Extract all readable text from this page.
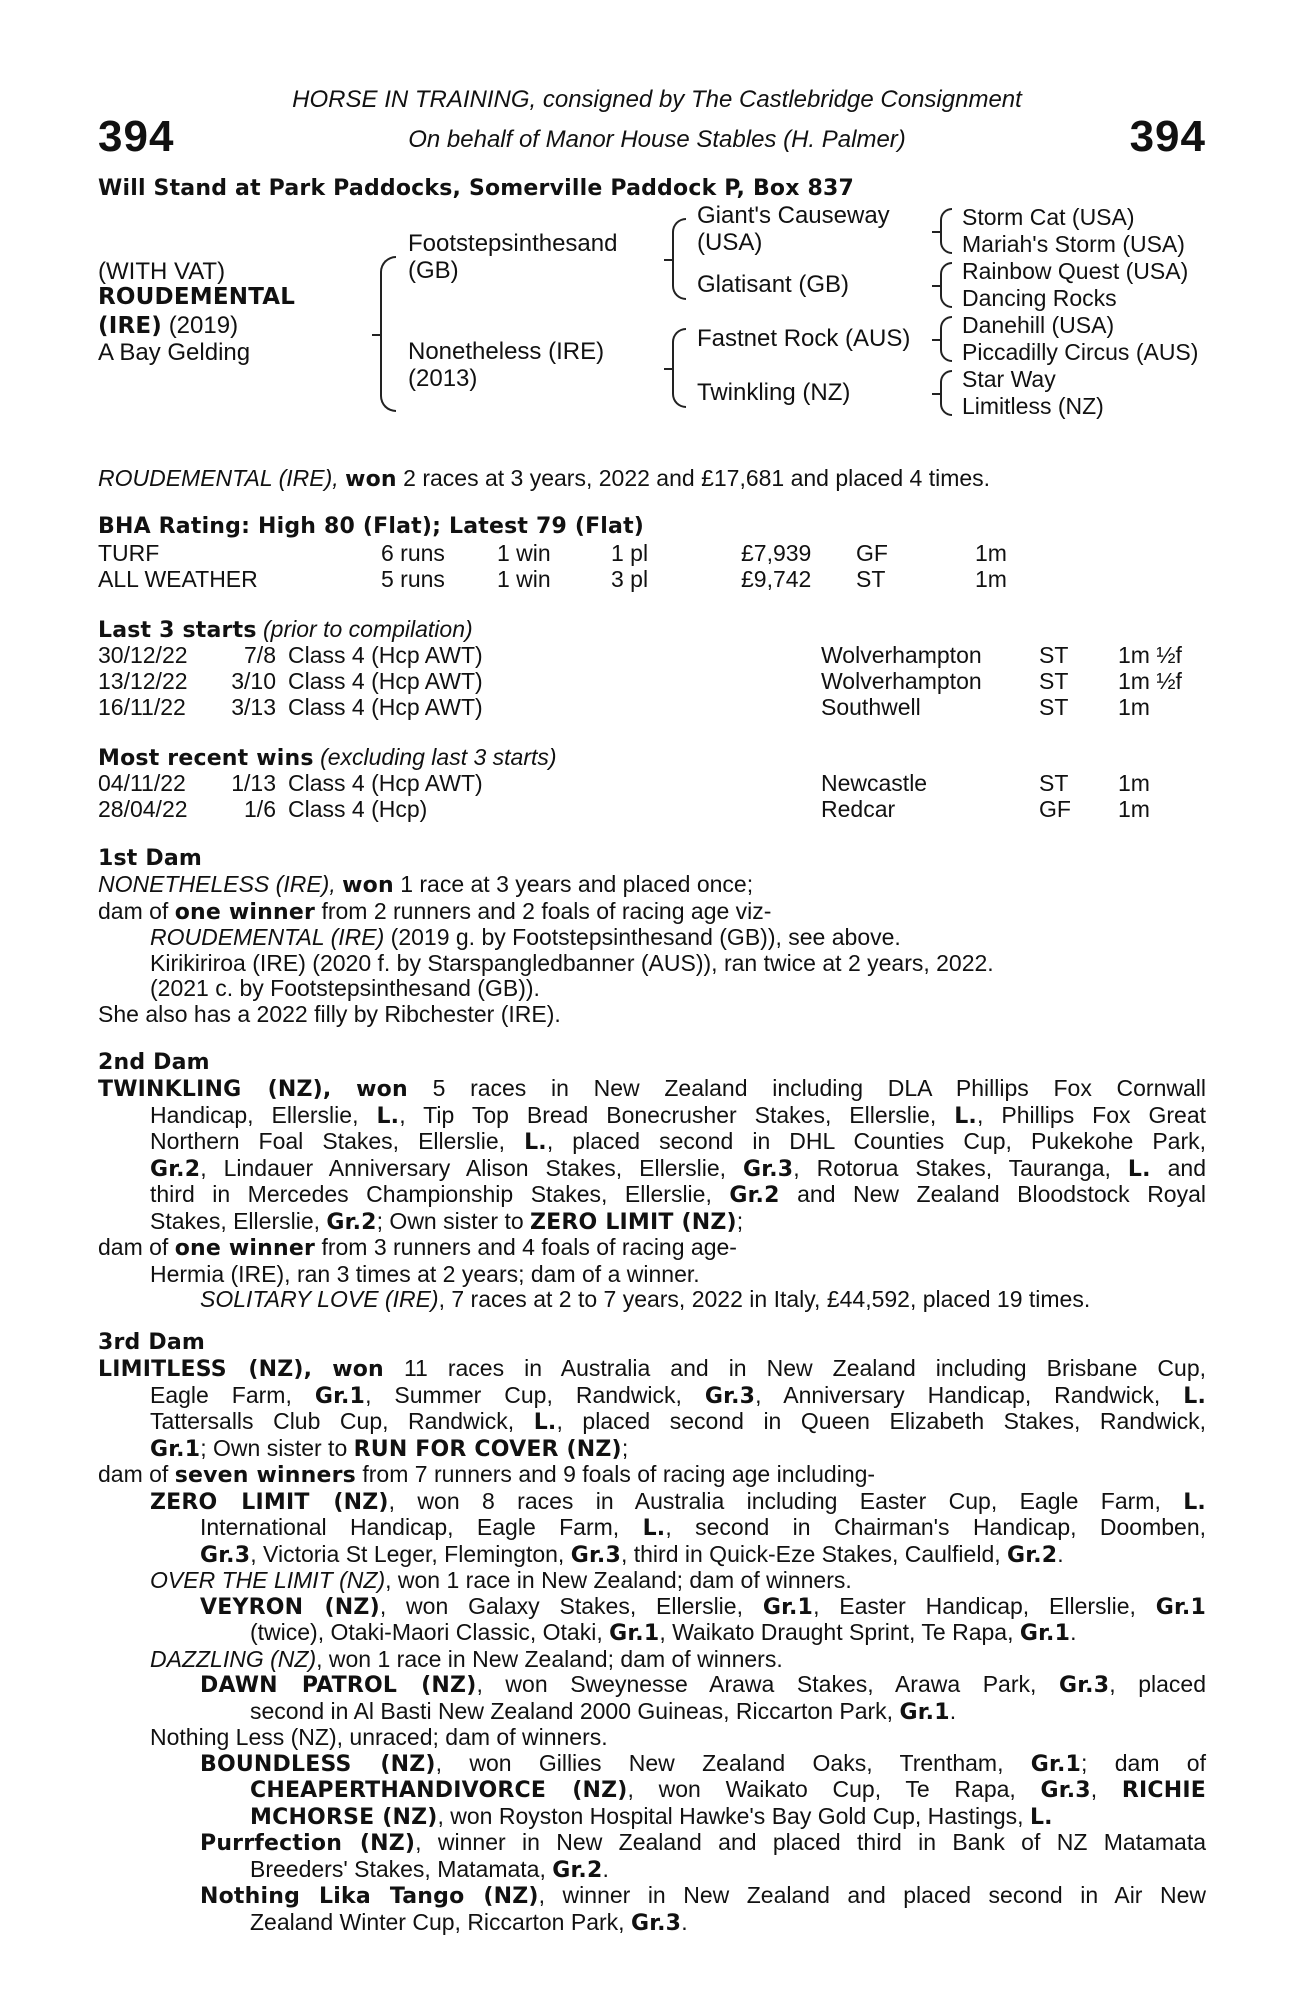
394	394
HORSE IN TRAINING, consigned by The Castlebridge Consignment
On behalf of Manor House Stables (H. Palmer)
Will Stand at Park Paddocks, Somerville Paddock P, Box 837
(WITH VAT)
ROUDEMENTAL
(IRE) (2019)
A Bay Gelding
Footstepsinthesand (GB)
Nonetheless (IRE) (2013)
Giant's Causeway (USA)
Glatisant (GB)
Fastnet Rock (AUS)
Twinkling (NZ)

Storm Cat (USA)

Mariah's Storm (USA)

Rainbow Quest (USA)

Dancing Rocks

Danehill (USA)

Piccadilly Circus (AUS)

Star Way

Limitless (NZ)

ROUDEMENTAL (IRE), won 2 races at 3 years, 2022 and £17,681 and placed 4 times.
BHA Rating: High 80 (Flat); Latest 79 (Flat)
TURF	6 runs 1 win	1 pl	£7,939 GF	1m
ALL WEATHER	5 runs 1 win	3 pl	£9,742 ST	1m
Last 3 starts (prior to compilation)
30/12/22	7/8 Class 4 (Hcp AWT)	Wolverhampton ST 1m ½f
13/12/22	3/10 Class 4 (Hcp AWT)	Wolverhampton ST 1m ½f
16/11/22	3/13 Class 4 (Hcp AWT)	Southwell	ST 1m
Most recent wins (excluding last 3 starts)
04/11/22	1/13 Class 4 (Hcp AWT)	Newcastle	ST 1m
28/04/22	1/6 Class 4 (Hcp)	Redcar	GF 1m
1st Dam

NONETHELESS (IRE), won 1 race at 3 years and placed once;

dam of one winner from 2 runners and 2 foals of racing age viz-

ROUDEMENTAL (IRE) (2019 g. by Footstepsinthesand (GB)), see above.

Kirikiriroa (IRE) (2020 f. by Starspangledbanner (AUS)), ran twice at 2 years, 2022.

(2021 c. by Footstepsinthesand (GB)).

She also has a 2022 filly by Ribchester (IRE).

2nd Dam

TWINKLING (NZ), won 5 races in New Zealand including DLA Phillips Fox Cornwall

Handicap, Ellerslie, L., Tip Top Bread Bonecrusher Stakes, Ellerslie, L., Phillips Fox Great

Northern Foal Stakes, Ellerslie, L., placed second in DHL Counties Cup, Pukekohe Park,

Gr.2, Lindauer Anniversary Alison Stakes, Ellerslie, Gr.3, Rotorua Stakes, Tauranga, L. and

third in Mercedes Championship Stakes, Ellerslie, Gr.2 and New Zealand Bloodstock Royal

Stakes, Ellerslie, Gr.2; Own sister to ZERO LIMIT (NZ);

dam of one winner from 3 runners and 4 foals of racing age-

Hermia (IRE), ran 3 times at 2 years; dam of a winner.

SOLITARY LOVE (IRE), 7 races at 2 to 7 years, 2022 in Italy, £44,592, placed 19 times.

3rd Dam

LIMITLESS (NZ), won 11 races in Australia and in New Zealand including Brisbane Cup,

Eagle Farm, Gr.1, Summer Cup, Randwick, Gr.3, Anniversary Handicap, Randwick, L.

Tattersalls Club Cup, Randwick, L., placed second in Queen Elizabeth Stakes, Randwick,

Gr.1; Own sister to RUN FOR COVER (NZ);

dam of seven winners from 7 runners and 9 foals of racing age including-

ZERO LIMIT (NZ), won 8 races in Australia including Easter Cup, Eagle Farm, L.

International Handicap, Eagle Farm, L., second in Chairman's Handicap, Doomben,

Gr.3, Victoria St Leger, Flemington, Gr.3, third in Quick-Eze Stakes, Caulfield, Gr.2.

OVER THE LIMIT (NZ), won 1 race in New Zealand; dam of winners.

VEYRON (NZ), won Galaxy Stakes, Ellerslie, Gr.1, Easter Handicap, Ellerslie, Gr.1

(twice), Otaki-Maori Classic, Otaki, Gr.1, Waikato Draught Sprint, Te Rapa, Gr.1.

DAZZLING (NZ), won 1 race in New Zealand; dam of winners.

DAWN PATROL (NZ), won Sweynesse Arawa Stakes, Arawa Park, Gr.3, placed

second in Al Basti New Zealand 2000 Guineas, Riccarton Park, Gr.1.

Nothing Less (NZ), unraced; dam of winners.

BOUNDLESS (NZ), won Gillies New Zealand Oaks, Trentham, Gr.1; dam of

CHEAPERTHANDIVORCE (NZ), won Waikato Cup, Te Rapa, Gr.3, RICHIE

MCHORSE (NZ), won Royston Hospital Hawke's Bay Gold Cup, Hastings, L.

Purrfection (NZ), winner in New Zealand and placed third in Bank of NZ Matamata

Breeders' Stakes, Matamata, Gr.2.

Nothing Lika Tango (NZ), winner in New Zealand and placed second in Air New

Zealand Winter Cup, Riccarton Park, Gr.3.
